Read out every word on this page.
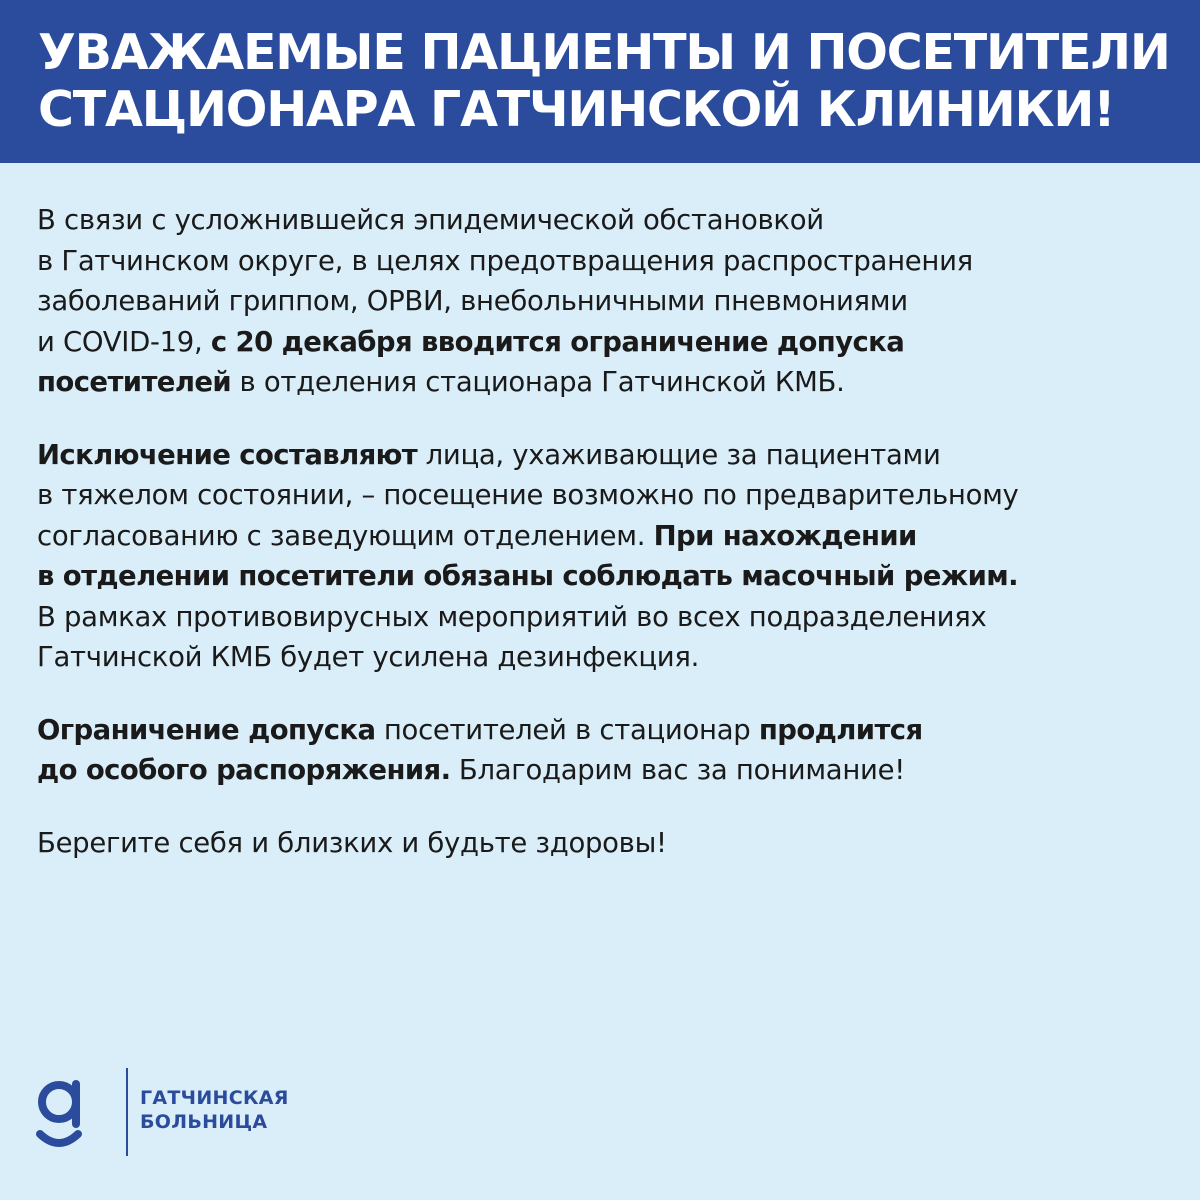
УВАЖАЕМЫЕ ПАЦИЕНТЫ И ПОСЕТИТЕЛИ
СТАЦИОНАРА ГАТЧИНСКОЙ КЛИНИКИ!
В связи с усложнившейся эпидемической обстановкой
в Гатчинском округе, в целях предотвращения распространения
заболеваний гриппом, ОРВИ, внебольничными пневмониями
и COVID-19, с 20 декабря вводится ограничение допуска
посетителей в отделения стационара Гатчинской КМБ.
Исключение составляют лица, ухаживающие за пациентами
в тяжелом состоянии, – посещение возможно по предварительному
согласованию с заведующим отделением. При нахождении
в отделении посетители обязаны соблюдать масочный режим.
В рамках противовирусных мероприятий во всех подразделениях
Гатчинской КМБ будет усилена дезинфекция.
Ограничение допуска посетителей в стационар продлится
до особого распоряжения. Благодарим вас за понимание!
Берегите себя и близких и будьте здоровы!
ГАТЧИНСКАЯ
БОЛЬНИЦА
